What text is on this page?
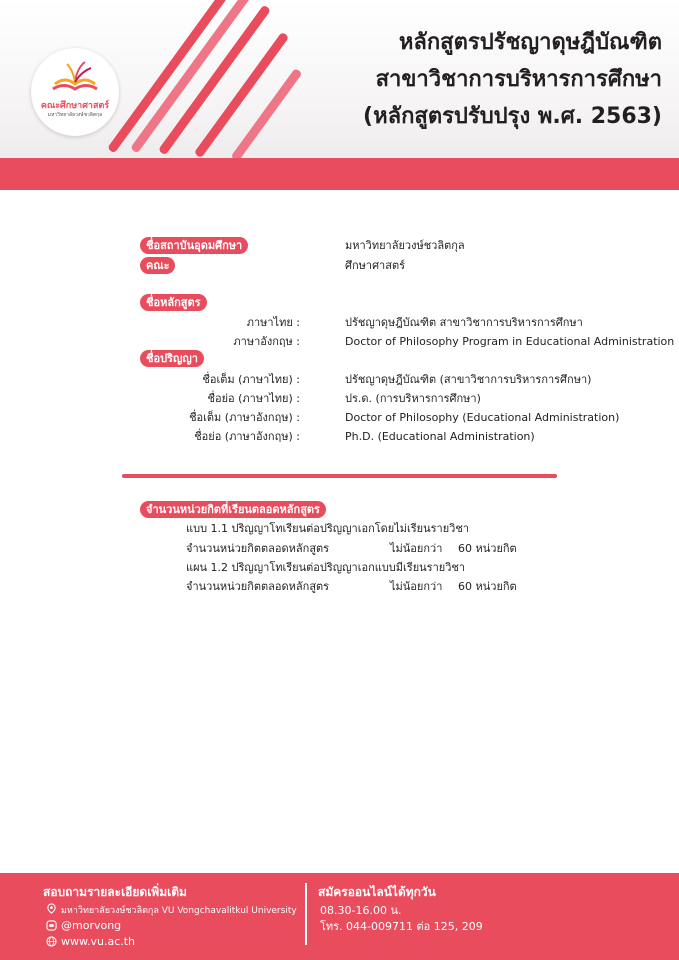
คณะศึกษาศาสตร์
มหาวิทยาลัยวงษ์ชวลิตกุล
หลักสูตรปรัชญาดุษฎีบัณฑิต
สาขาวิชาการบริหารการศึกษา
(หลักสูตรปรับปรุง พ.ศ. 2563)
ชื่อสถาบันอุดมศึกษา	มหาวิทยาลัยวงษ์ชวลิตกุล
คณะ	ศึกษาศาสตร์
ชื่อหลักสูตร
ภาษาไทย :	ปรัชญาดุษฎีบัณฑิต สาขาวิชาการบริหารการศึกษา
ภาษาอังกฤษ :	Doctor of Philosophy Program in Educational Administration
ชื่อปริญญา
ชื่อเต็ม (ภาษาไทย) :	ปรัชญาดุษฎีบัณฑิต (สาขาวิชาการบริหารการศึกษา)
ชื่อย่อ (ภาษาไทย) :	ปร.ด. (การบริหารการศึกษา)
ชื่อเต็ม (ภาษาอังกฤษ) :	Doctor of Philosophy (Educational Administration)
ชื่อย่อ (ภาษาอังกฤษ) :	Ph.D. (Educational Administration)
จำนวนหน่วยกิตที่เรียนตลอดหลักสูตร
แบบ 1.1 ปริญญาโทเรียนต่อปริญญาเอกโดยไม่เรียนรายวิชา
จำนวนหน่วยกิตตลอดหลักสูตร	ไม่น้อยกว่า 60 หน่วยกิต
แผน 1.2 ปริญญาโทเรียนต่อปริญญาเอกแบบมีเรียนรายวิชา
จำนวนหน่วยกิตตลอดหลักสูตร	ไม่น้อยกว่า 60 หน่วยกิต
สอบถามรายละเอียดเพิ่มเติม
มหาวิทยาลัยวงษ์ชวลิตกุล VU Vongchavalitkul University
@morvong
www.vu.ac.th
สมัครออนไลน์ได้ทุกวัน
08.30-16.00 น.
โทร. 044-009711 ต่อ 125, 209
